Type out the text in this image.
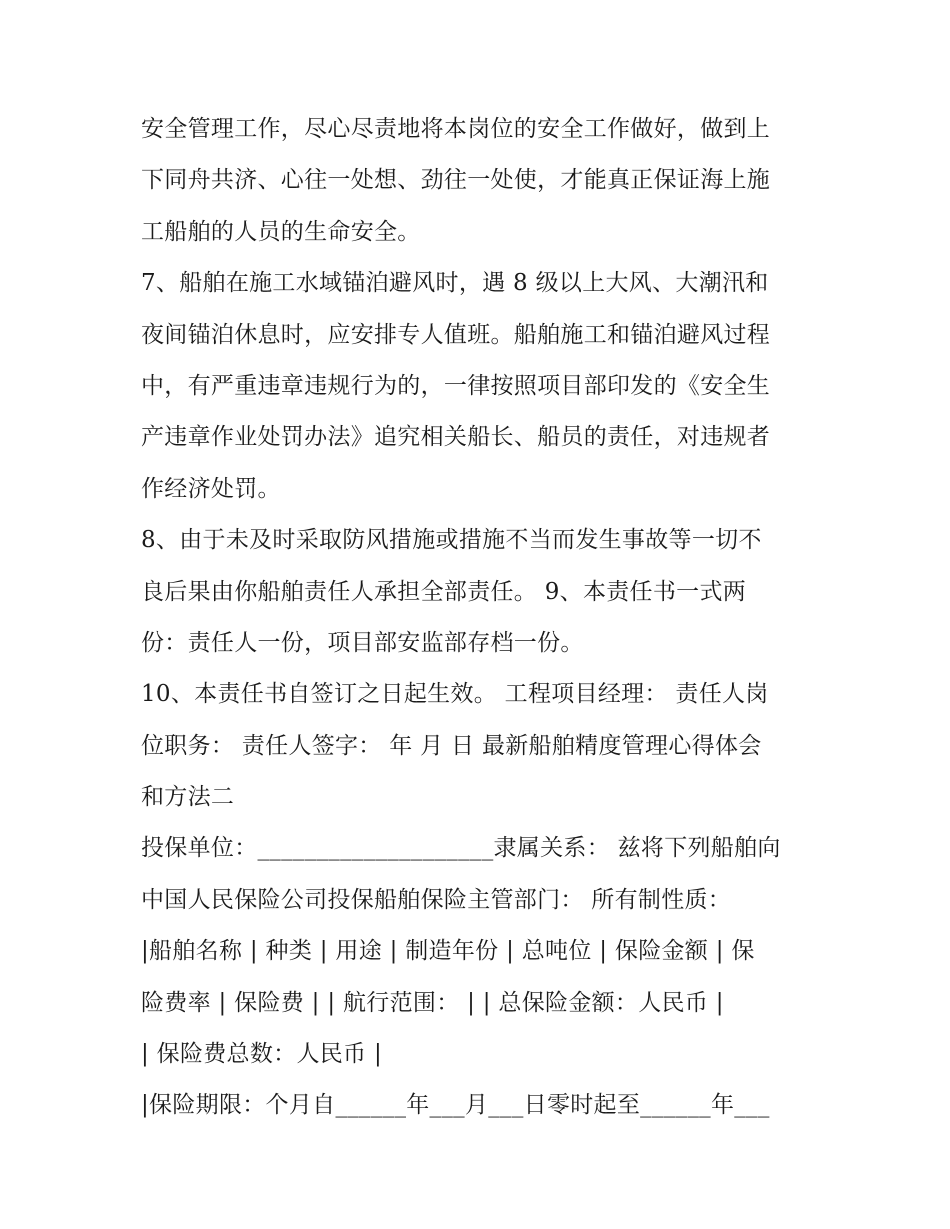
安全管理工作，尽心尽责地将本岗位的安全工作做好，做到上
下同舟共济、心往一处想、劲往一处使，才能真正保证海上施
工船舶的人员的生命安全。
7、船舶在施工水域锚泊避风时，遇 8 级以上大风、大潮汛和
夜间锚泊休息时，应安排专人值班。船舶施工和锚泊避风过程
中，有严重违章违规行为的，一律按照项目部印发的《安全生
产违章作业处罚办法》追究相关船长、船员的责任，对违规者
作经济处罚。
8、由于未及时采取防风措施或措施不当而发生事故等一切不
良后果由你船舶责任人承担全部责任。 9、本责任书一式两
份：责任人一份，项目部安监部存档一份。
10、本责任书自签订之日起生效。 工程项目经理： 责任人岗
位职务： 责任人签字： 年 月 日 最新船舶精度管理心得体会
和方法二
投保单位：____________________隶属关系： 兹将下列船舶向
中国人民保险公司投保船舶保险主管部门： 所有制性质：
|船舶名称 | 种类 | 用途 | 制造年份 | 总吨位 | 保险金额 | 保
险费率 | 保险费 | | 航行范围： | | 总保险金额：人民币 |
| 保险费总数：人民币 |
|保险期限：个月自______年___月___日零时起至______年___
